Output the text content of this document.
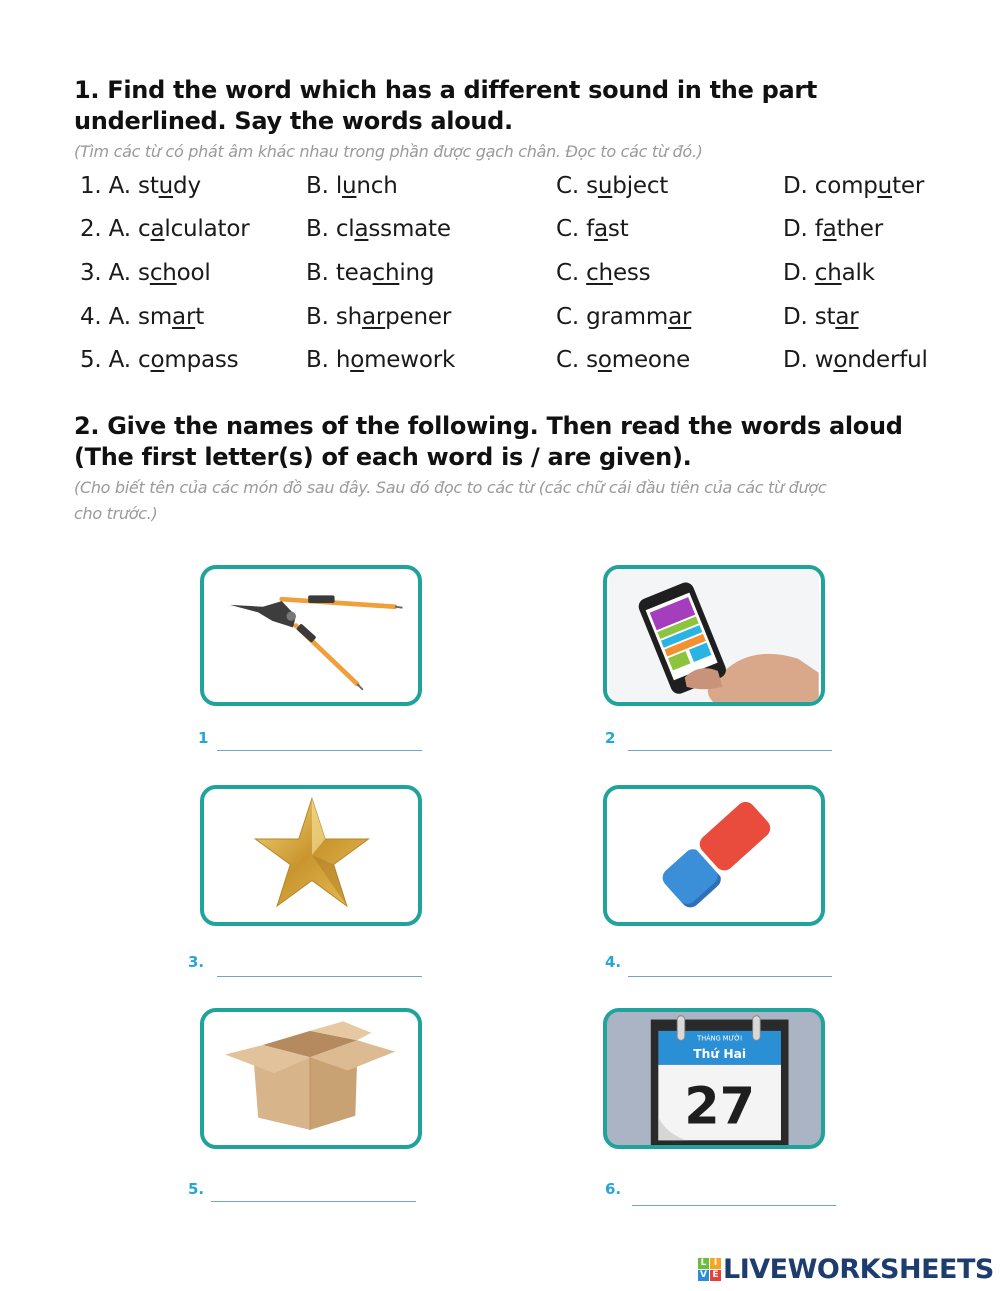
1. Find the word which has a different sound in the part
underlined. Say the words aloud.
(Tìm các từ có phát âm khác nhau trong phần được gạch chân. Đọc to các từ đó.)
1. A. study	B. lunch	C. subject	D. computer
2. A. calculator B. classmate	C. fast	D. father
3. A. school	B. teaching	C. chess	D. chalk
4. A. smart	B. sharpener	C. grammar	D. star
5. A. compass	B. homework	C. someone	D. wonderful
2. Give the names of the following. Then read the words aloud
(The first letter(s) of each word is / are given).
(Cho biết tên của các món đồ sau đây. Sau đó đọc to các từ (các chữ cái đầu tiên của các từ được
cho trước.)
1	2
3.	4.
5.
THÁNG MƯỜI
Thứ Hai
27
6.
L I
V E LIVEWORKSHEETS
